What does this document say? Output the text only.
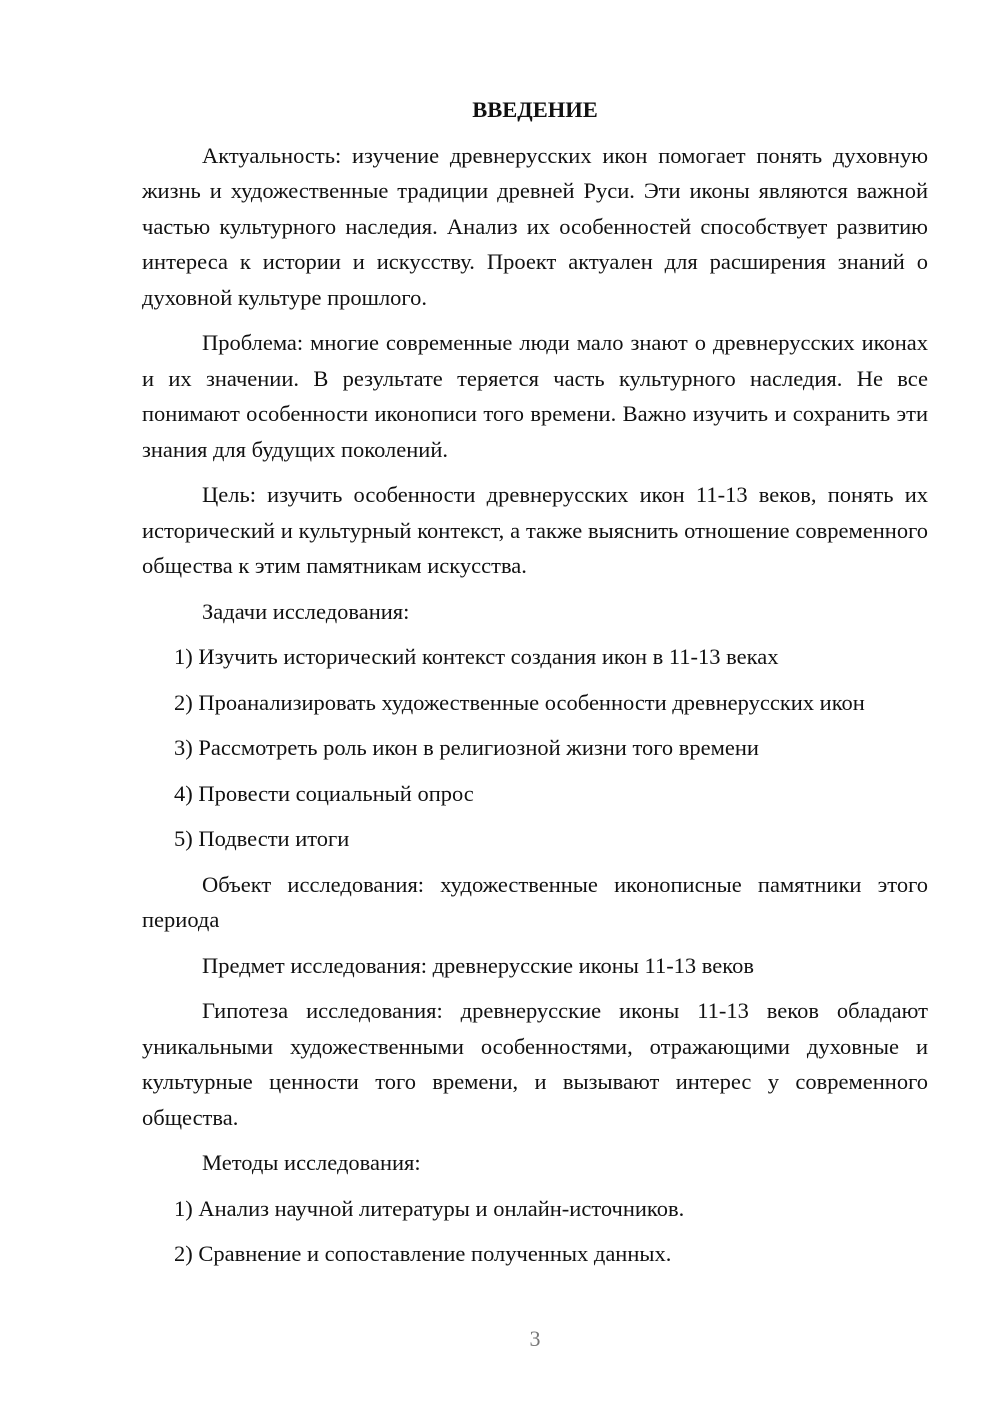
ВВЕДЕНИЕ

Актуальность: изучение древнерусских икон помогает понять духовную жизнь и художественные традиции древней Руси. Эти иконы являются важной частью культурного наследия. Анализ их особенностей способствует развитию интереса к истории и искусству. Проект актуален для расширения знаний о духовной культуре прошлого.

Проблема: многие современные люди мало знают о древнерусских иконах и их значении. В результате теряется часть культурного наследия. Не все понимают особенности иконописи того времени. Важно изучить и сохранить эти знания для будущих поколений.

Цель: изучить особенности древнерусских икон 11-13 веков, понять их исторический и культурный контекст, а также выяснить отношение современного общества к этим памятникам искусства.

Задачи исследования:

1) Изучить исторический контекст создания икон в 11-13 веках

2) Проанализировать художественные особенности древнерусских икон

3) Рассмотреть роль икон в религиозной жизни того времени

4) Провести социальный опрос

5) Подвести итоги

Объект исследования: художественные иконописные памятники этого периода

Предмет исследования: древнерусские иконы 11-13 веков

Гипотеза исследования: древнерусские иконы 11-13 веков обладают уникальными художественными особенностями, отражающими духовные и культурные ценности того времени, и вызывают интерес у современного общества.

Методы исследования:

1) Анализ научной литературы и онлайн-источников.

2) Сравнение и сопоставление полученных данных.

3
